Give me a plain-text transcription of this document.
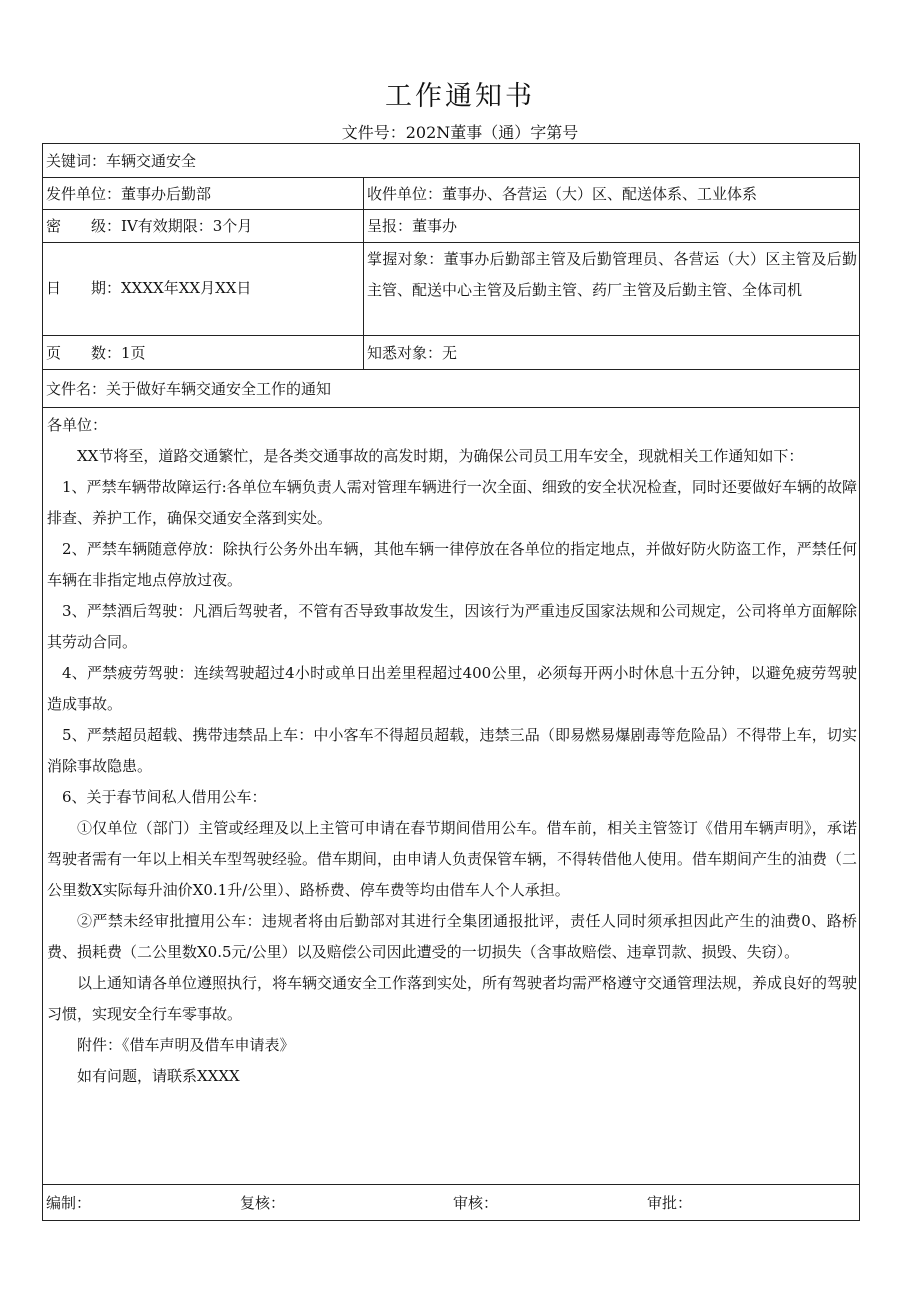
工作通知书
文件号：202N董事（通）字第号
关键词：车辆交通安全
发件单位：董事办后勤部	收件单位：董事办、各营运（大）区、配送体系、工业体系
密　　级：IV有效期限：3个月	呈报：董事办
日　　期：XXXX年XX月XX日
掌握对象：董事办后勤部主管及后勤管理员、各营运（大）区主管及后勤主管、配送中心主管及后勤主管、药厂主管及后勤主管、全体司机
页　　数：1页	知悉对象：无
文件名：关于做好车辆交通安全工作的通知

各单位：

XX节将至，道路交通繁忙，是各类交通事故的高发时期，为确保公司员工用车安全，现就相关工作通知如下：

1、严禁车辆带故障运行:各单位车辆负责人需对管理车辆进行一次全面、细致的安全状况检查，同时还要做好车辆的故障排查、养护工作，确保交通安全落到实处。

2、严禁车辆随意停放：除执行公务外出车辆，其他车辆一律停放在各单位的指定地点，并做好防火防盗工作，严禁任何车辆在非指定地点停放过夜。

3、严禁酒后驾驶：凡酒后驾驶者，不管有否导致事故发生，因该行为严重违反国家法规和公司规定，公司将单方面解除其劳动合同。

4、严禁疲劳驾驶：连续驾驶超过4小时或单日出差里程超过400公里，必须每开两小时休息十五分钟，以避免疲劳驾驶造成事故。

5、严禁超员超载、携带违禁品上车：中小客车不得超员超载，违禁三品（即易燃易爆剧毒等危险品）不得带上车，切实消除事故隐患。

6、关于春节间私人借用公车：

①仅单位（部门）主管或经理及以上主管可申请在春节期间借用公车。借车前，相关主管签订《借用车辆声明》，承诺驾驶者需有一年以上相关车型驾驶经验。借车期间，由申请人负责保管车辆，不得转借他人使用。借车期间产生的油费（二公里数X实际每升油价X0.1升/公里）、路桥费、停车费等均由借车人个人承担。

②严禁未经审批擅用公车：违规者将由后勤部对其进行全集团通报批评，责任人同时须承担因此产生的油费0、路桥费、损耗费（二公里数X0.5元/公里）以及赔偿公司因此遭受的一切损失（含事故赔偿、违章罚款、损毁、失窃）。

以上通知请各单位遵照执行，将车辆交通安全工作落到实处，所有驾驶者均需严格遵守交通管理法规，养成良好的驾驶习惯，实现安全行车零事故。

附件：《借车声明及借车申请表》

如有问题，请联系XXXX

编制：	复核：	审核：	审批：
